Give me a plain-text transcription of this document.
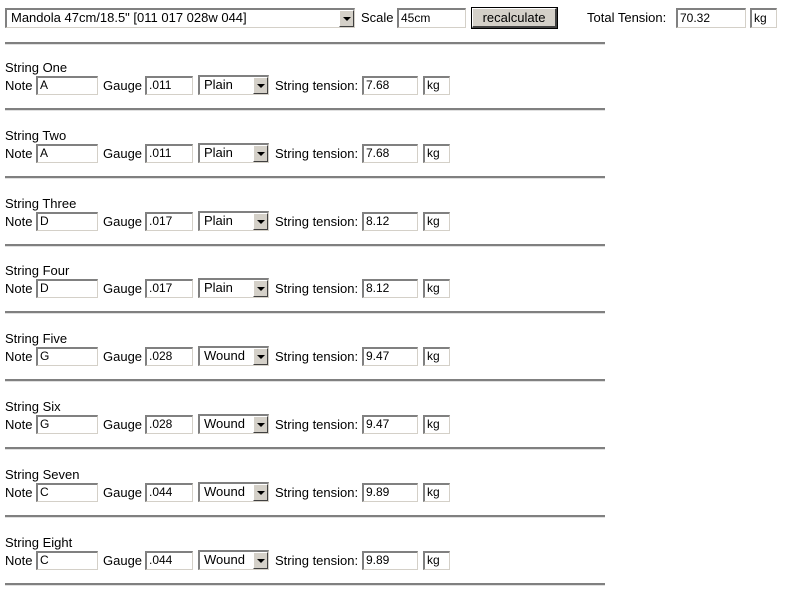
Mandola 47cm/18.5" [011 017 028w 044]	Scale 45cm	recalculate	Total Tension:	70.32	kg
String One
Note A	Gauge .011	Plain	String tension: 7.68	kg
String Two
Note A	Gauge .011	Plain	String tension: 7.68	kg
String Three
Note D	Gauge .017	Plain	String tension: 8.12	kg
String Four
Note D	Gauge .017	Plain	String tension: 8.12	kg
String Five
Note G	Gauge .028	Wound	String tension: 9.47	kg
String Six
Note G	Gauge .028	Wound	String tension: 9.47	kg
String Seven
Note C	Gauge .044	Wound	String tension: 9.89	kg
String Eight
Note C	Gauge .044	Wound	String tension: 9.89	kg
